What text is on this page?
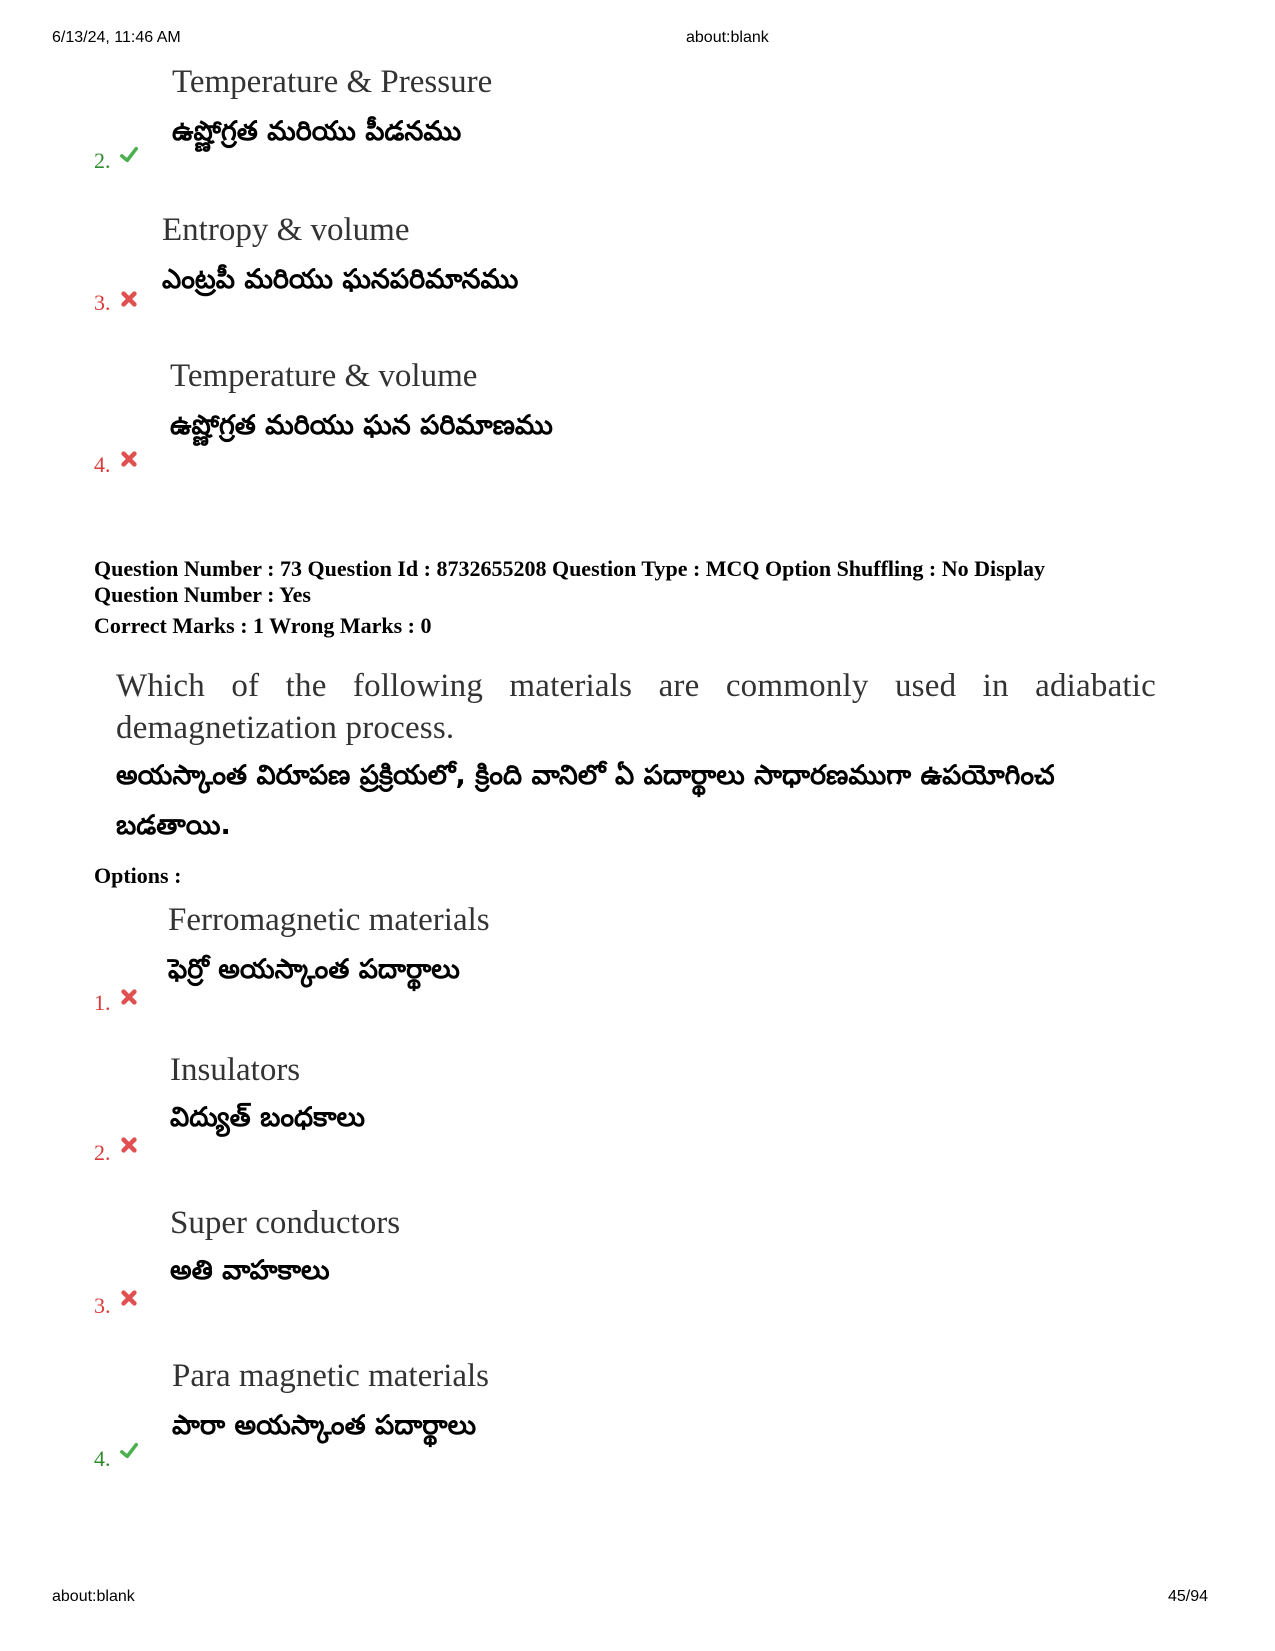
6/13/24, 11:46 AM	about:blank
Temperature & Pressure
ఉష్ణోగ్రత మరియు పీడనము
2.
Entropy & volume
ఎంట్రపీ మరియు ఘనపరిమానము
3.
Temperature & volume
ఉష్ణోగ్రత మరియు ఘన పరిమాణము
4.
Question Number : 73 Question Id : 8732655208 Question Type : MCQ Option Shuffling : No Display
Question Number : Yes
Correct Marks : 1 Wrong Marks : 0
Which of the following materials are commonly used in adiabatic demagnetization process.
అయస్కాంత విరూపణ ప్రక్రియలో, క్రింది వానిలో ఏ పదార్థాలు సాధారణముగా ఉపయోగించ బడతాయి.
Options :
Ferromagnetic materials
ఫెర్రో అయస్కాంత పదార్థాలు
1.
Insulators
విద్యుత్ బంధకాలు
2.
Super conductors
అతి వాహకాలు
3.
Para magnetic materials
పారా అయస్కాంత పదార్థాలు
4.
about:blank	45/94
